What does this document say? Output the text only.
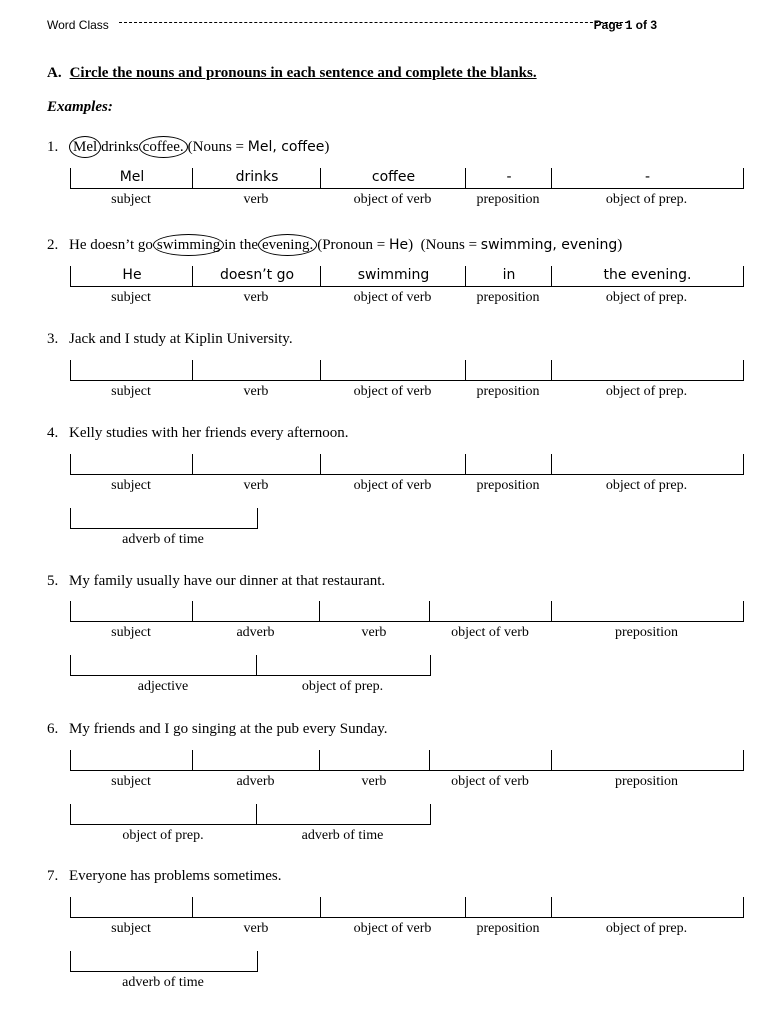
Word Class	Page 1 of 3
A. Circle the nouns and pronouns in each sentence and complete the blanks.
Examples:
1. Mel drinks coffee. (Nouns = Mel, coffee)
Mel	drinks	coffee	-	-
subject	verb	object of verb	preposition	object of prep.
2. He doesn’t go swimming in the evening. (Pronoun = He) (Nouns = swimming, evening)
He	doesn’t go	swimming	in	the evening.
subject	verb	object of verb	preposition	object of prep.
3. Jack and I study at Kiplin University.
subject	verb	object of verb	preposition	object of prep.
4. Kelly studies with her friends every afternoon.
subject	verb	object of verb	preposition	object of prep.
adverb of time
5. My family usually have our dinner at that restaurant.
subject	adverb	verb	object of verb	preposition
adjective	object of prep.
6. My friends and I go singing at the pub every Sunday.
subject	adverb	verb	object of verb	preposition
object of prep.	adverb of time
7. Everyone has problems sometimes.
subject	verb	object of verb	preposition	object of prep.
adverb of time
